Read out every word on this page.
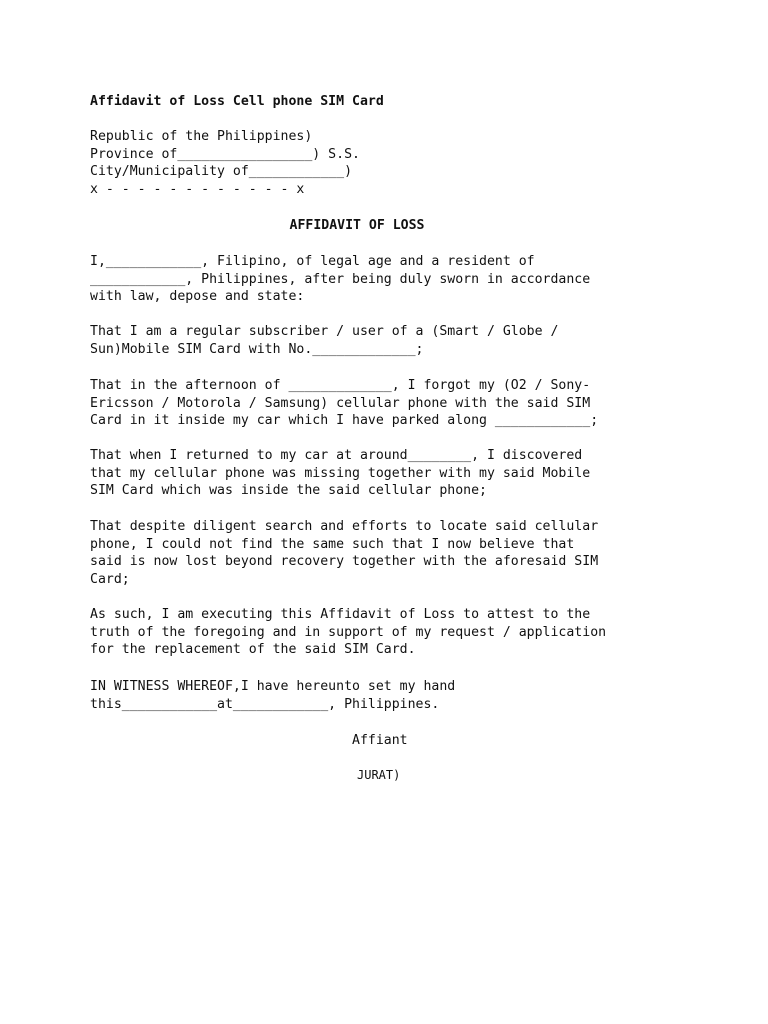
Affidavit of Loss Cell phone SIM Card
Republic of the Philippines)
Province of_________________) S.S.
City/Municipality of____________)
x - - - - - - - - - - - - x
AFFIDAVIT OF LOSS
I,____________, Filipino, of legal age and a resident of
____________, Philippines, after being duly sworn in accordance
with law, depose and state:
That I am a regular subscriber / user of a (Smart / Globe /
Sun)Mobile SIM Card with No._____________;
That in the afternoon of _____________, I forgot my (O2 / Sony-
Ericsson / Motorola / Samsung) cellular phone with the said SIM
Card in it inside my car which I have parked along ____________;
That when I returned to my car at around________, I discovered
that my cellular phone was missing together with my said Mobile
SIM Card which was inside the said cellular phone;
That despite diligent search and efforts to locate said cellular
phone, I could not find the same such that I now believe that
said is now lost beyond recovery together with the aforesaid SIM
Card;
As such, I am executing this Affidavit of Loss to attest to the
truth of the foregoing and in support of my request / application
for the replacement of the said SIM Card.
IN WITNESS WHEREOF,I have hereunto set my hand
this____________at____________, Philippines.
Affiant
JURAT)
